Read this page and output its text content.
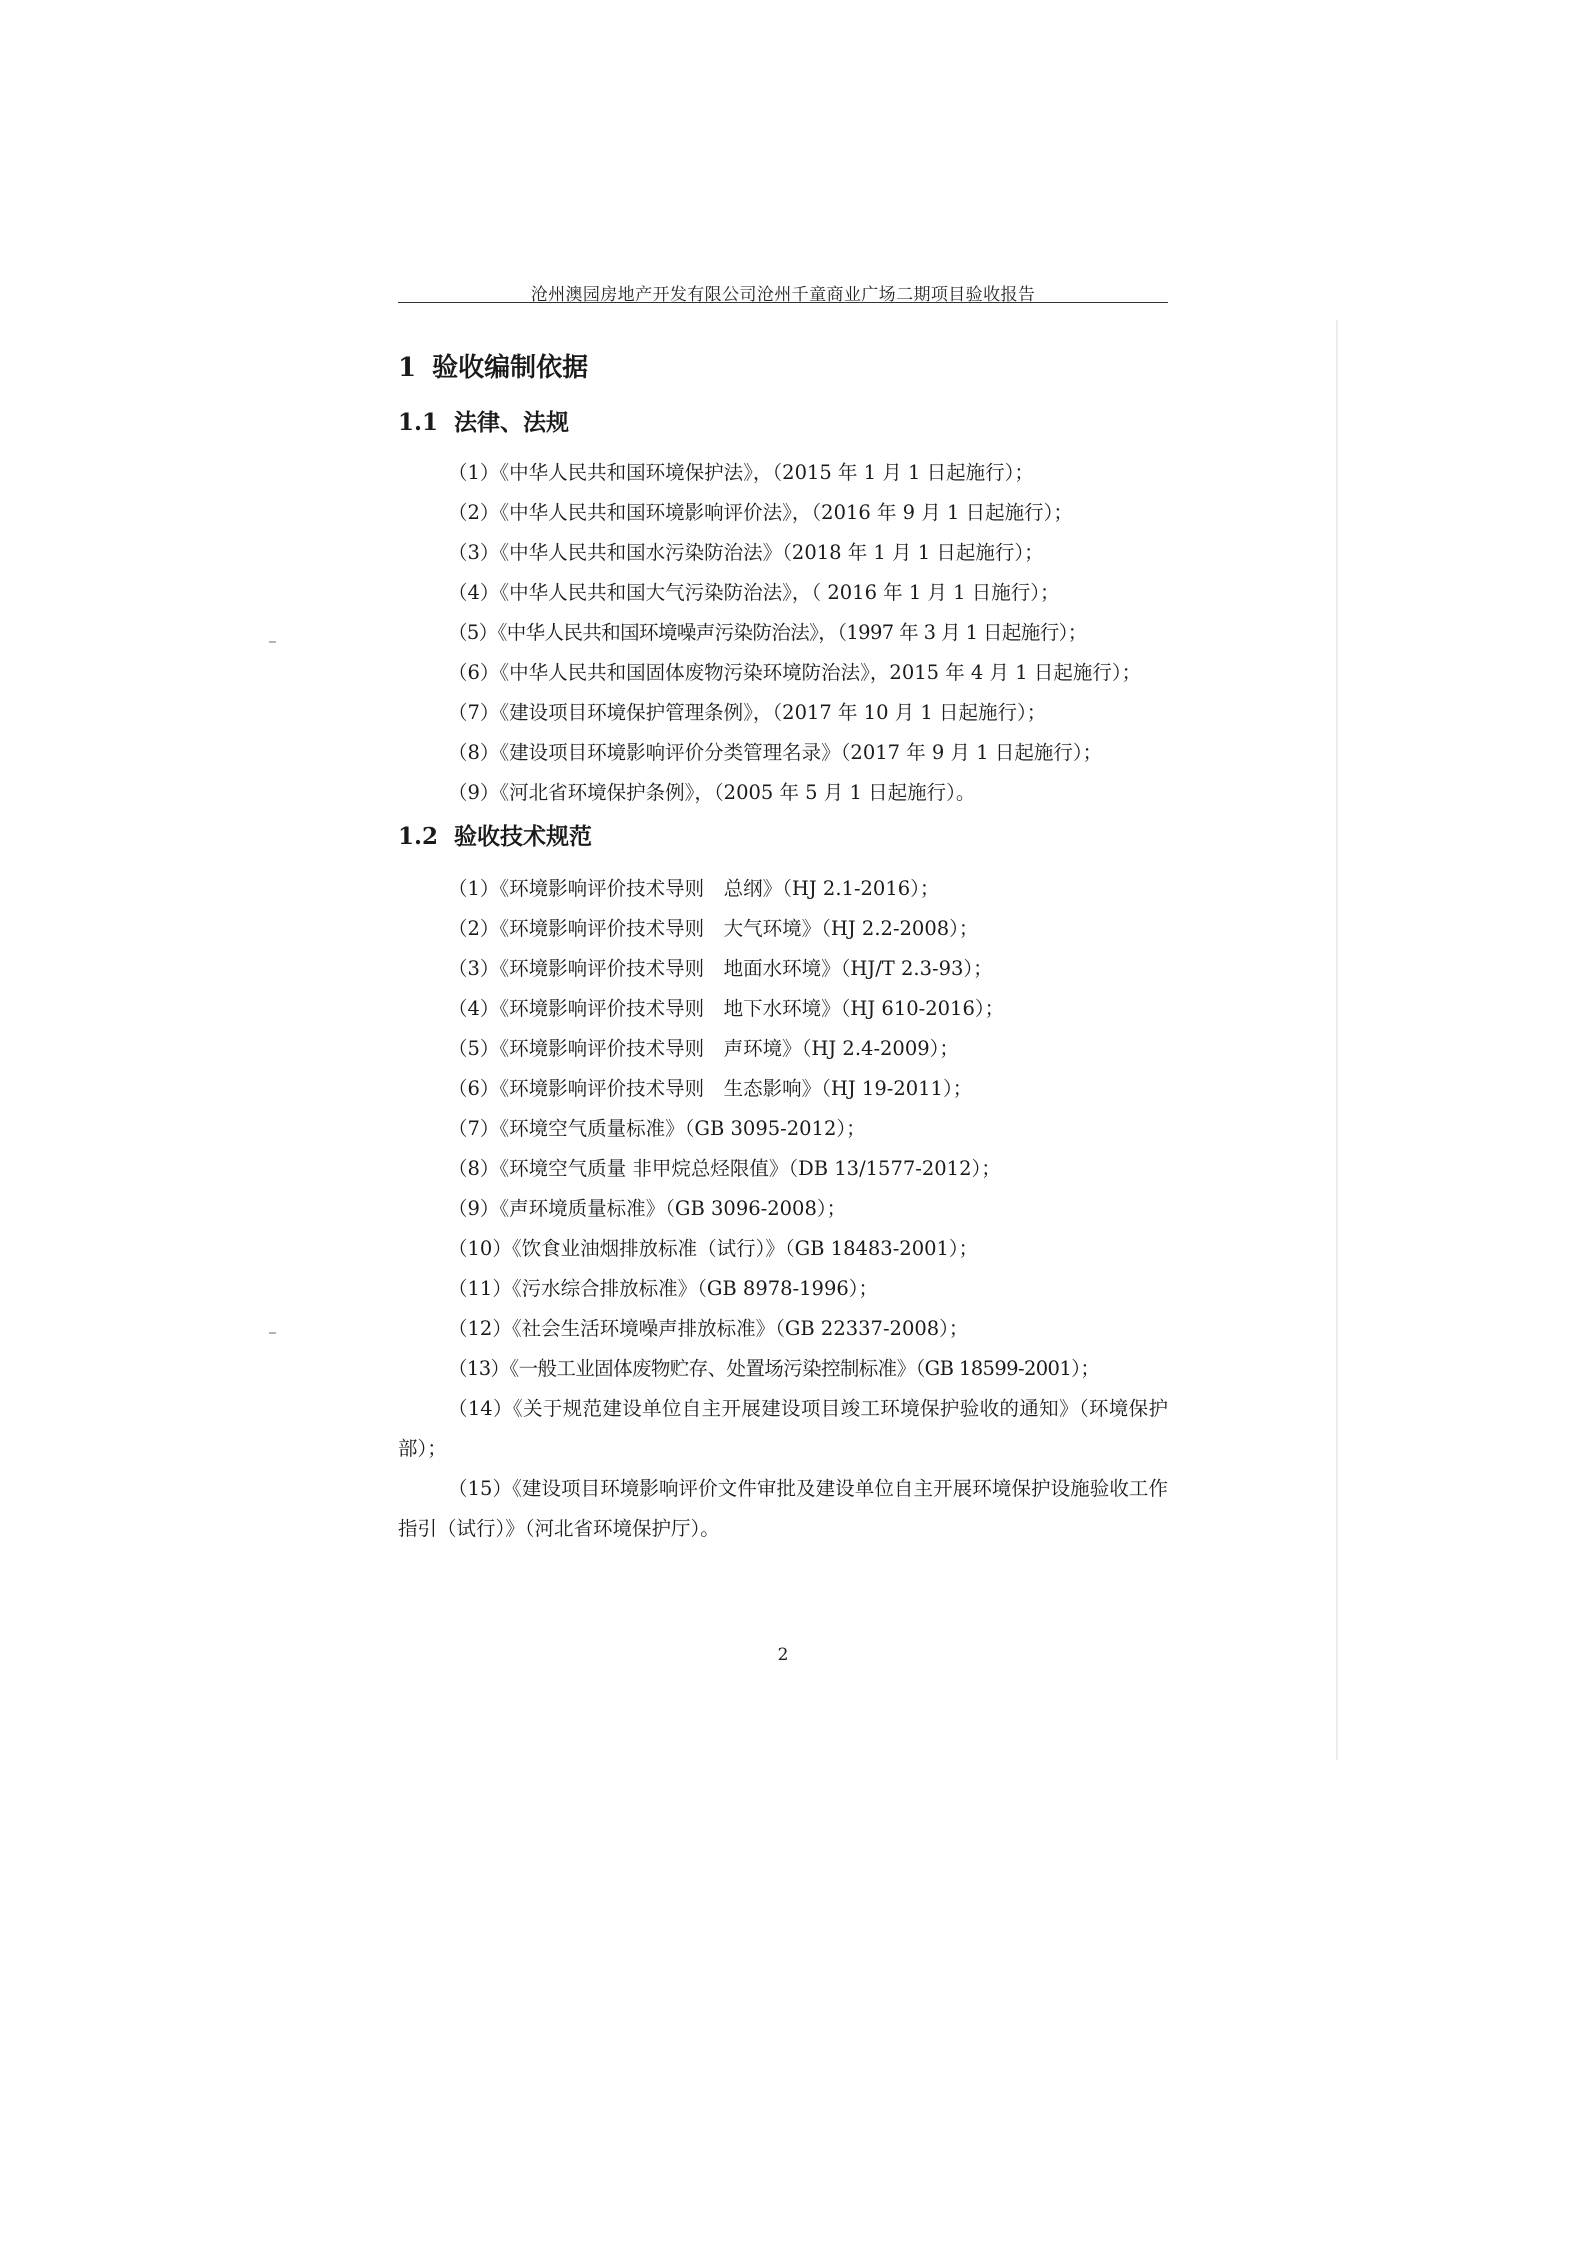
沧州澳园房地产开发有限公司沧州千童商业广场二期项目验收报告
1 验收编制依据
1.1 法律、法规
（1）《中华人民共和国环境保护法》，（2015 年 1 月 1 日起施行）；
（2）《中华人民共和国环境影响评价法》，（2016 年 9 月 1 日起施行）；
（3）《中华人民共和国水污染防治法》（2018 年 1 月 1 日起施行）；
（4）《中华人民共和国大气污染防治法》，（ 2016 年 1 月 1 日施行）；
（5）《中华人民共和国环境噪声污染防治法》，（1997 年 3 月 1 日起施行）；
（6）《中华人民共和国固体废物污染环境防治法》，2015 年 4 月 1 日起施行）；
（7）《建设项目环境保护管理条例》，（2017 年 10 月 1 日起施行）；
（8）《建设项目环境影响评价分类管理名录》（2017 年 9 月 1 日起施行）；
（9）《河北省环境保护条例》，（2005 年 5 月 1 日起施行）。
1.2 验收技术规范
（1）《环境影响评价技术导则　总纲》（HJ 2.1-2016）；
（2）《环境影响评价技术导则　大气环境》（HJ 2.2-2008）；
（3）《环境影响评价技术导则　地面水环境》（HJ/T 2.3-93）；
（4）《环境影响评价技术导则　地下水环境》（HJ 610-2016）；
（5）《环境影响评价技术导则　声环境》（HJ 2.4-2009）；
（6）《环境影响评价技术导则　生态影响》（HJ 19-2011）；
（7）《环境空气质量标准》（GB 3095-2012）；
（8）《环境空气质量 非甲烷总烃限值》（DB 13/1577-2012）；
（9）《声环境质量标准》（GB 3096-2008）；
（10）《饮食业油烟排放标准（试行）》（GB 18483-2001）；
（11）《污水综合排放标准》（GB 8978-1996）；
（12）《社会生活环境噪声排放标准》（GB 22337-2008）；
（13）《一般工业固体废物贮存、处置场污染控制标准》（GB 18599-2001）；
（14）《关于规范建设单位自主开展建设项目竣工环境保护验收的通知》（环境保护部）；
（15）《建设项目环境影响评价文件审批及建设单位自主开展环境保护设施验收工作指引（试行）》（河北省环境保护厅）。
2
